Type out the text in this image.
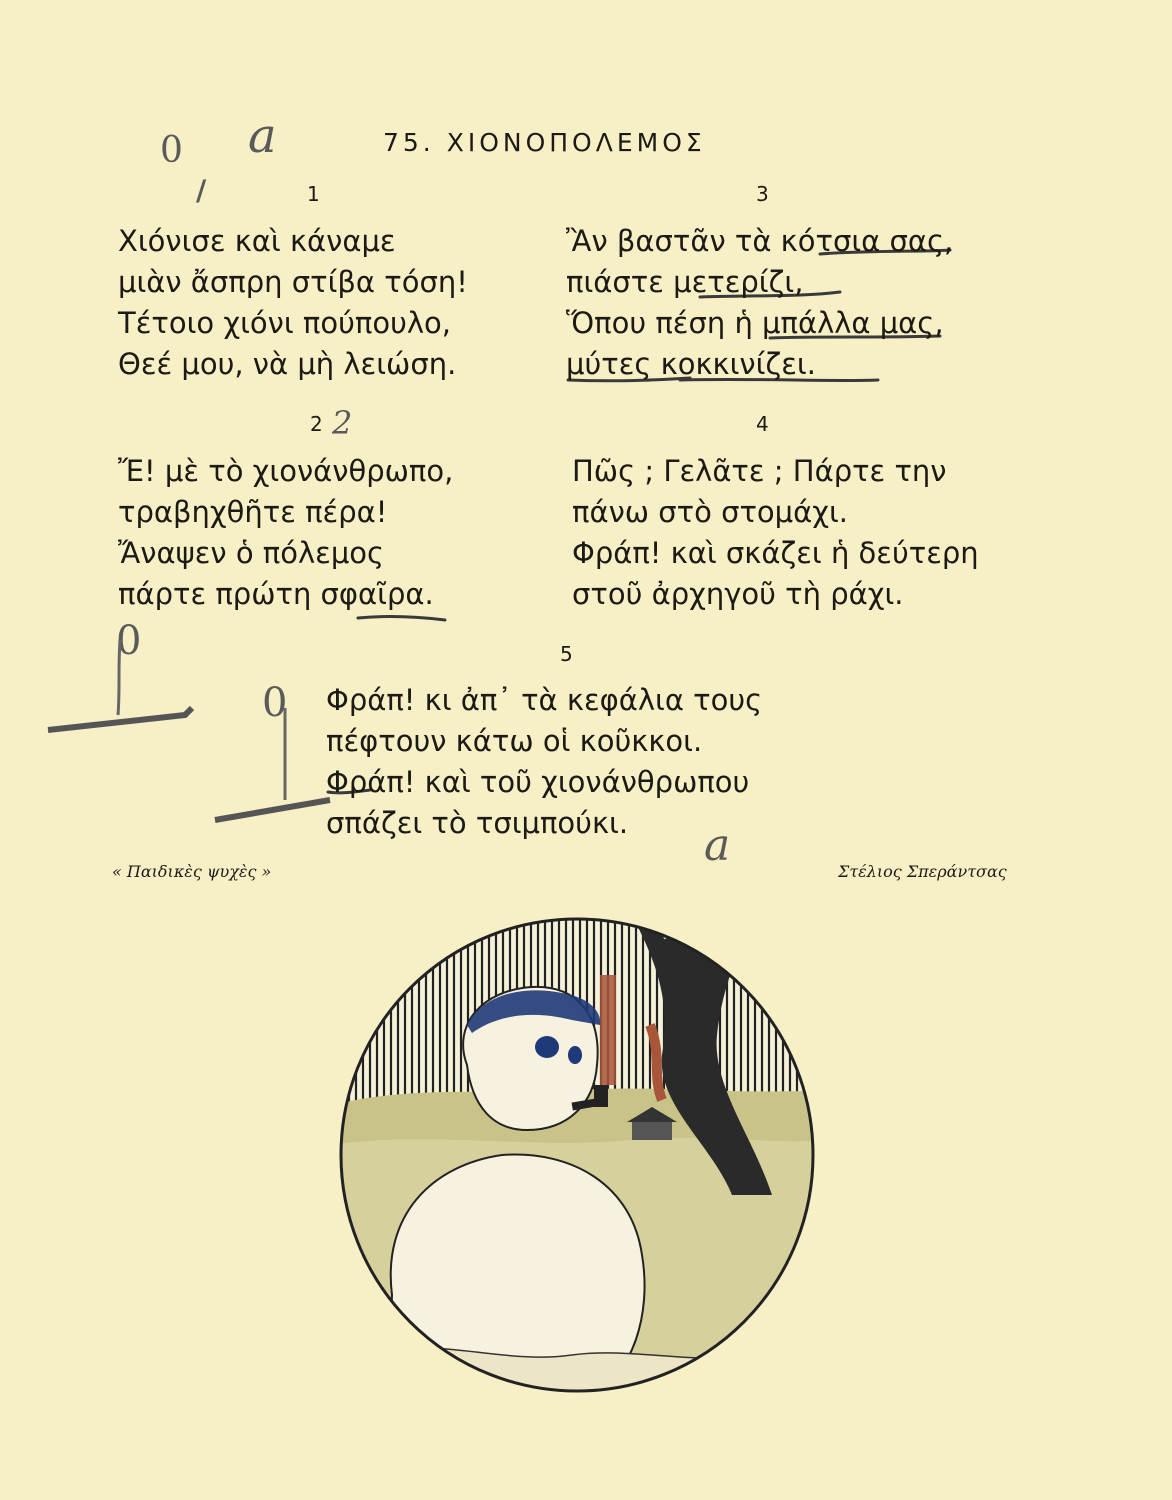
0 a
/
2
a
0
0
75. ΧΙΟΝΟΠΟΛΕΜΟΣ
1
Χιόνισε καὶ κάναμε
μιὰν ἄσπρη στίβα τόση!
Τέτοιο χιόνι πούπουλο,
Θεέ μου, νὰ μὴ λειώση.
2
Ἔ! μὲ τὸ χιονάνθρωπο,
τραβηχθῆτε πέρα!
Ἄναψεν ὁ πόλεμος
πάρτε πρώτη σφαῖρα.
3
Ἂν βαστᾶν τὰ κότσια σας,
πιάστε μετερίζι,
Ὅπου πέση ἡ μπάλλα μας,
μύτες κοκκινίζει.
4
Πῶς ; Γελᾶτε ; Πάρτε την
πάνω στὸ στομάχι.
Φράπ! καὶ σκάζει ἡ δεύτερη
στοῦ ἀρχηγοῦ τὴ ράχι.
5
Φράπ! κι ἀπ᾽ τὰ κεφάλια τους
πέφτουν κάτω οἱ κοῦκκοι.
Φράπ! καὶ τοῦ χιονάνθρωπου
σπάζει τὸ τσιμπούκι.
« Παιδικὲς ψυχὲς »	Στέλιος Σπεράντσας
